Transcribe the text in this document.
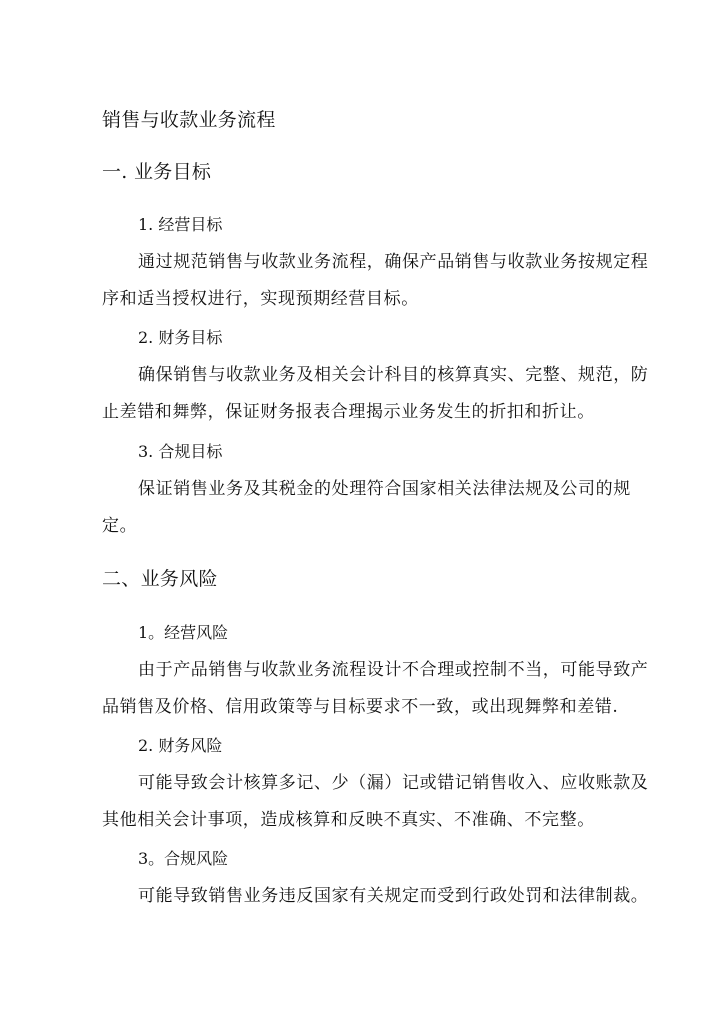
销售与收款业务流程

一. 业务目标

1. 经营目标

通过规范销售与收款业务流程，确保产品销售与收款业务按规定程

序和适当授权进行，实现预期经营目标。

2. 财务目标

确保销售与收款业务及相关会计科目的核算真实、完整、规范，防

止差错和舞弊，保证财务报表合理揭示业务发生的折扣和折让。

3. 合规目标

保证销售业务及其税金的处理符合国家相关法律法规及公司的规

定。

二、业务风险

1。经营风险

由于产品销售与收款业务流程设计不合理或控制不当，可能导致产

品销售及价格、信用政策等与目标要求不一致，或出现舞弊和差错.

2. 财务风险

可能导致会计核算多记、少（漏）记或错记销售收入、应收账款及

其他相关会计事项，造成核算和反映不真实、不准确、不完整。

3。合规风险

可能导致销售业务违反国家有关规定而受到行政处罚和法律制裁。
